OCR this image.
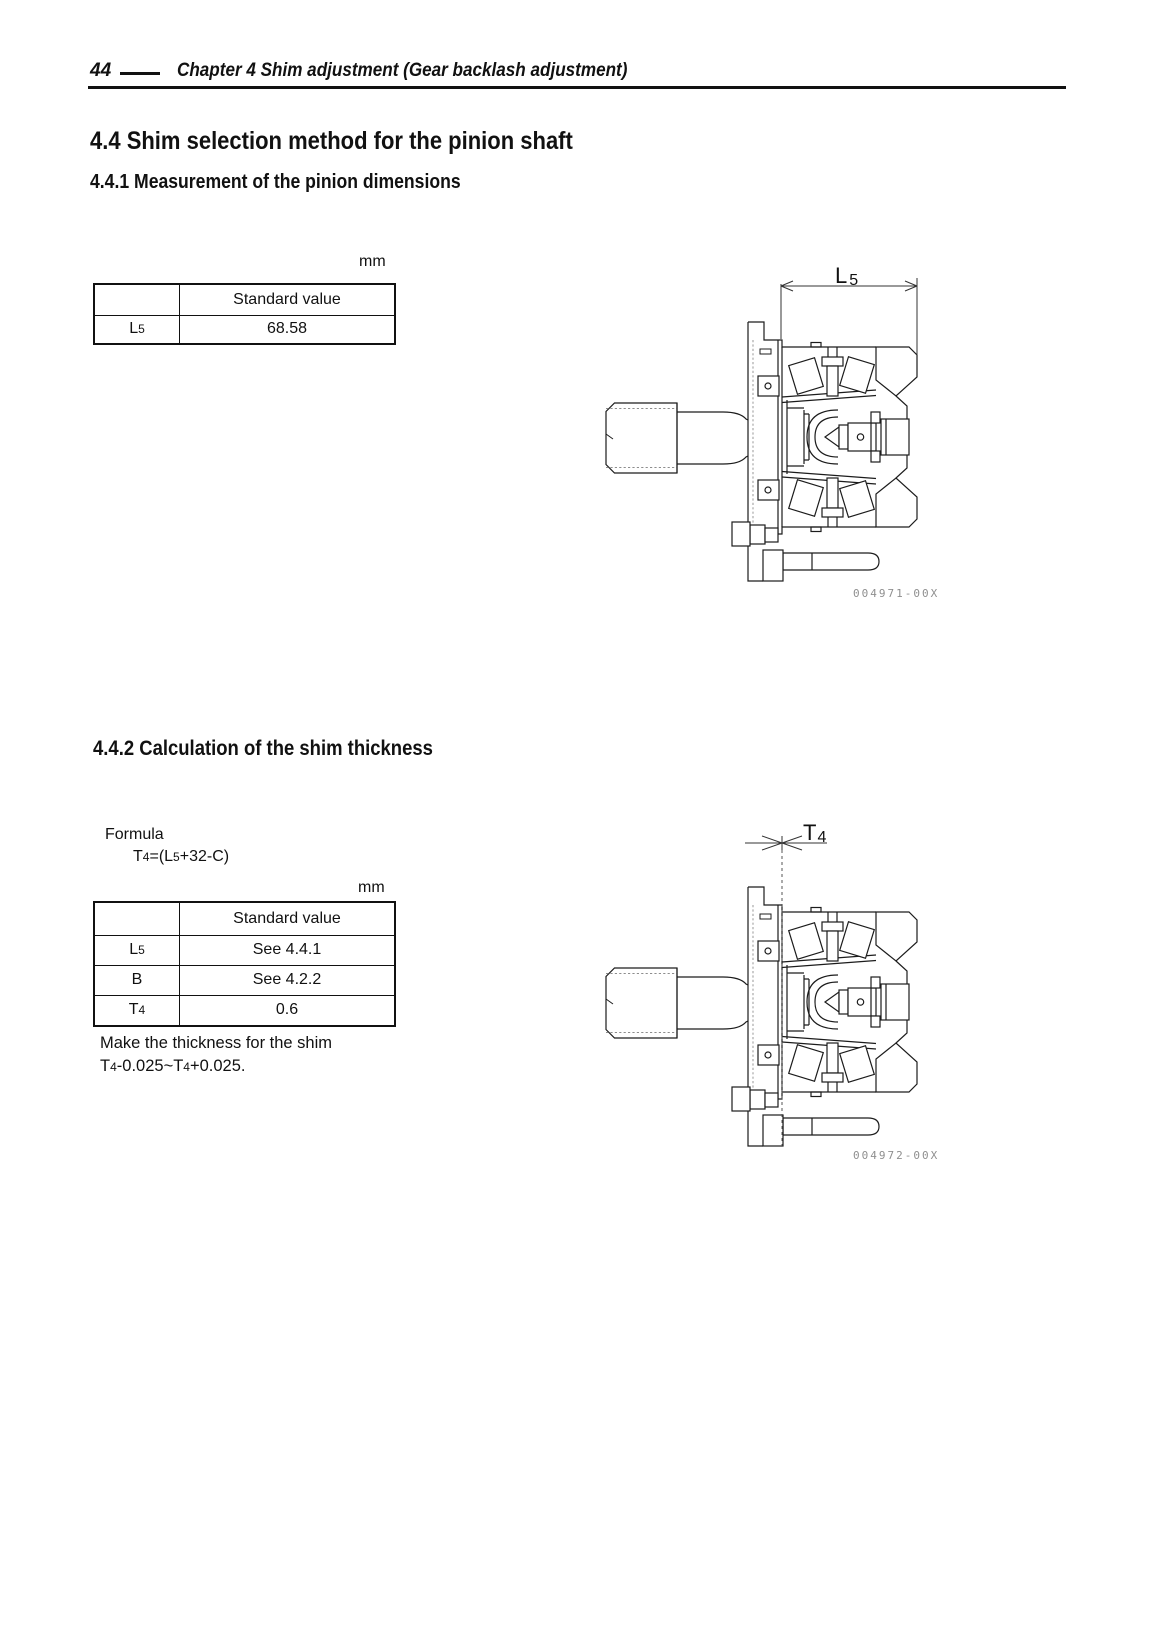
44	Chapter 4 Shim adjustment (Gear backlash adjustment)
4.4 Shim selection method for the pinion shaft
4.4.1 Measurement of the pinion dimensions
mm
	Standard value
L5	68.58
L 5
004971-00X
4.4.2 Calculation of the shim thickness
Formula
T4=(L5+32-C)
mm
	Standard value
L5	See 4.4.1
B	See 4.2.2
T4	0.6
Make the thickness for the shim
T4-0.025~T4+0.025.
T4
004972-00X
